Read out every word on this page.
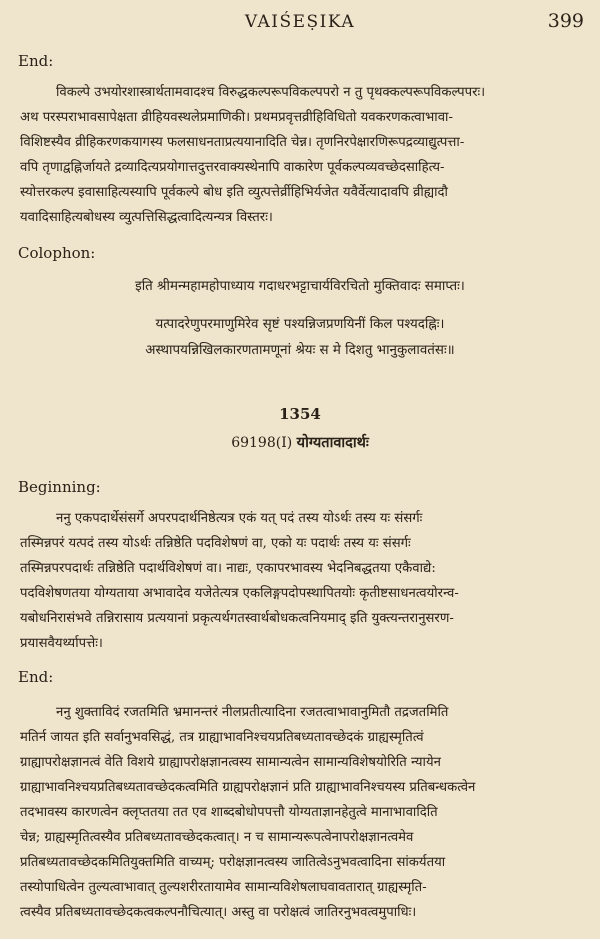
VAIŚEṢIKA	399
End:
विकल्पे उभयोरशास्त्रार्थतामवादश्च विरुद्धकल्परूपविकल्पपरो न तु पृथक्कल्परूपविकल्पपरः।
अथ परस्पराभावसापेक्षता व्रीहियवस्थलेप्रमाणिकी। प्रथमप्रवृत्तव्रीहिविधितो यवकरणकत्वाभावा-
विशिष्टस्यैव व्रीहिकरणकयागस्य फलसाधनताप्रत्ययानादिति चेन्न। तृणनिरपेक्षारणिरूपद्रव्याद्युत्पत्ता-
वपि तृणाद्वह्निर्जायते द्रव्यादित्यप्रयोगात्तदुत्तरवाक्यस्थेनापि वाकारेण पूर्वकल्पव्यवच्छेदसाहित्य-
स्योत्तरकल्प इवासाहित्यस्यापि पूर्वकल्पे बोध इति व्युत्पत्तेर्व्रीहिभिर्यजेत यवैर्वेत्यादावपि व्रीह्यादौ
यवादिसाहित्यबोधस्य व्युत्पत्तिसिद्धत्वादित्यन्यत्र विस्तरः।
Colophon:
इति श्रीमन्महामहोपाध्याय गदाधरभट्टाचार्यविरचितो मुक्तिवादः समाप्तः।
यत्पादरेणुपरमाणुमिरेव सृष्टं पश्यन्निजप्रणयिनीं किल पश्यदह्निः।
अस्थापयन्निखिलकारणतामणूनां श्रेयः स मे दिशतु भानुकुलावतंसः॥
1354
69198(I) योग्यतावादार्थः
Beginning:
ननु एकपदार्थेसंसर्गे अपरपदार्थनिष्ठेत्यत्र एकं यत् पदं तस्य योऽर्थः तस्य यः संसर्गः
तस्मिन्नपरं यत्पदं तस्य योऽर्थः तन्निष्ठेति पदविशेषणं वा, एको यः पदार्थः तस्य यः संसर्गः
तस्मिन्नपरपदार्थः तन्निष्ठेति पदार्थविशेषणं वा। नाद्यः, एकापरभावस्य भेदनिबद्धतया एकैवाद्ये:
पदविशेषणतया योग्यताया अभावादेव यजेतेत्यत्र एकलिङ्गपदोपस्थापितयोः कृतीष्टसाधनत्वयोरन्व-
यबोधनिरासंभवे तन्निरासाय प्रत्ययानां प्रकृत्यर्थगतस्वार्थबोधकत्वनियमाद् इति युक्त्यन्तरानुसरण-
प्रयासवैयर्थ्यापत्तेः।
End:
ननु शुक्ताविदं रजतमिति भ्रमानन्तरं नीलप्रतीत्यादिना रजतत्वाभावानुमितौ तद्रजतमिति
मतिर्न जायत इति सर्वानुभवसिद्धं, तत्र ग्राह्याभावनिश्चयप्रतिबध्यतावच्छेदकं ग्राह्यस्मृतित्वं
ग्राह्यापरोक्षज्ञानत्वं वेति विशये ग्राह्यापरोक्षज्ञानत्वस्य सामान्यत्वेन सामान्यविशेषयोरिति न्यायेन
ग्राह्याभावनिश्चयप्रतिबध्यतावच्छेदकत्वमिति ग्राह्यपरोक्षज्ञानं प्रति ग्राह्याभावनिश्चयस्य प्रतिबन्धकत्वेन
तदभावस्य कारणत्वेन क्लृप्ततया तत एव शाब्दबोधोपपत्तौ योग्यताज्ञानहेतुत्वे मानाभावादिति
चेन्न; ग्राह्यस्मृतित्वस्यैव प्रतिबध्यतावच्छेदकत्वात्। न च सामान्यरूपत्वेनापरोक्षज्ञानत्वमेव
प्रतिबध्यतावच्छेदकमितियुक्तमिति वाच्यम्; परोक्षज्ञानत्वस्य जातित्वेऽनुभवत्वादिना सांकर्यतया
तस्योपाधित्वेन तुल्यत्वाभावात् तुल्यशरीरतायामेव सामान्यविशेषलाघवावतारात् ग्राह्यस्मृति-
त्वस्यैव प्रतिबध्यतावच्छेदकत्वकल्पनौचित्यात्। अस्तु वा परोक्षत्वं जातिरनुभवत्वमुपाधिः।
